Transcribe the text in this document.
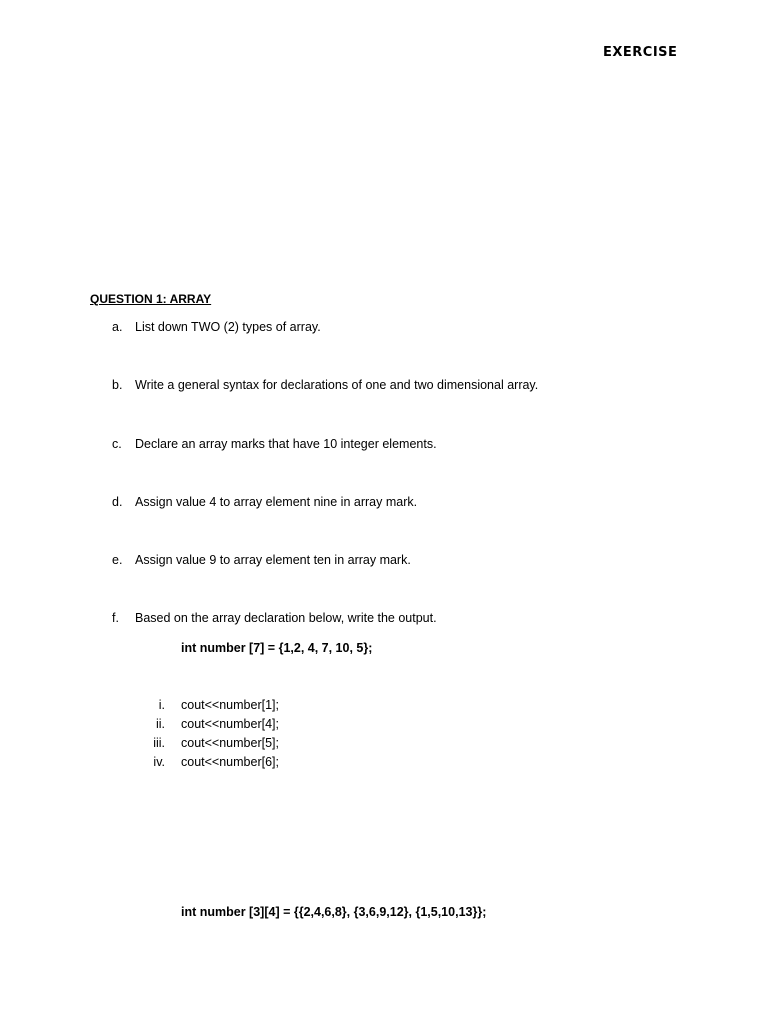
EXERCISE
QUESTION 1: ARRAY
a. List down TWO (2) types of array.
b. Write a general syntax for declarations of one and two dimensional array.
c. Declare an array marks that have 10 integer elements.
d. Assign value 4 to array element nine in array mark.
e. Assign value 9 to array element ten in array mark.
f. Based on the array declaration below, write the output.
int number [7] = {1,2, 4, 7, 10, 5};
i. cout<<number[1];
ii. cout<<number[4];
iii. cout<<number[5];
iv. cout<<number[6];
int number [3][4] = {{2,4,6,8}, {3,6,9,12}, {1,5,10,13}};
